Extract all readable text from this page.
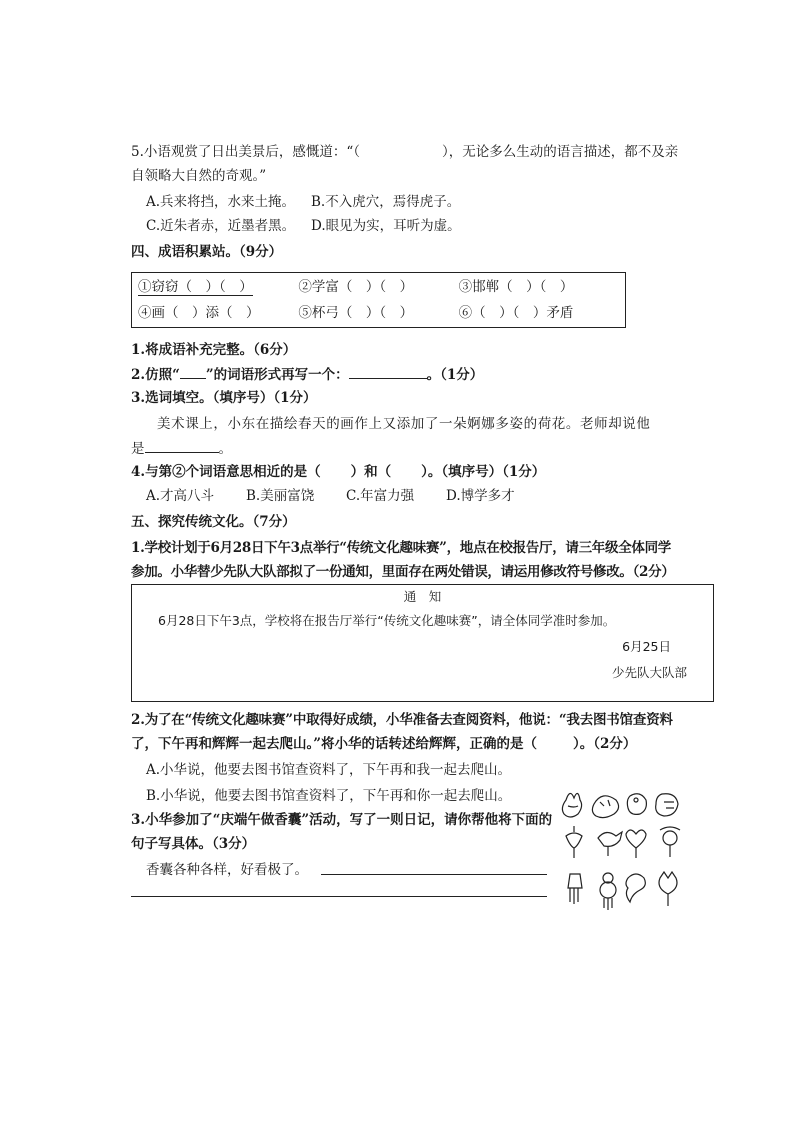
5.小语观赏了日出美景后，感慨道：“（	），无论多么生动的语言描述，都不及亲
自领略大自然的奇观。”
A.兵来将挡，水来土掩。 B.不入虎穴，焉得虎子。
C.近朱者赤，近墨者黑。 D.眼见为实，耳听为虚。
四、成语积累站。（9分）
①窃窃（　）（　）	②学富（　）（　）	③邯郸（　）（　）
④画（　）添（　）	⑤杯弓（　）（　）	⑥（　）（　）矛盾
1.将成语补充完整。（6分）
2.仿照“ ”的词语形式再写一个：	。（1分）
3.选词填空。（填序号）（1分）
美术课上，小东在描绘春天的画作上又添加了一朵婀娜多姿的荷花。老师却说他
是	。
4.与第②个词语意思相近的是（ ）和（ ）。（填序号）（1分）
A.才高八斗 B.美丽富饶 C.年富力强 D.博学多才
五、探究传统文化。（7分）
1.学校计划于6月28日下午3点举行“传统文化趣味赛”，地点在校报告厅，请三年级全体同学
参加。小华替少先队大队部拟了一份通知，里面存在两处错误，请运用修改符号修改。（2分）
通　知
6月28日下午3点，学校将在报告厅举行“传统文化趣味赛”，请全体同学准时参加。
6月25日
少先队大队部
2.为了在“传统文化趣味赛”中取得好成绩，小华准备去查阅资料，他说：“我去图书馆查资料
了，下午再和辉辉一起去爬山。”将小华的话转述给辉辉，正确的是（	）。（2分）
A.小华说，他要去图书馆查资料了，下午再和我一起去爬山。
B.小华说，他要去图书馆查资料了，下午再和你一起去爬山。
3.小华参加了“庆端午做香囊”活动，写了一则日记，请你帮他将下面的
句子写具体。（3分）
香囊各种各样，好看极了。
